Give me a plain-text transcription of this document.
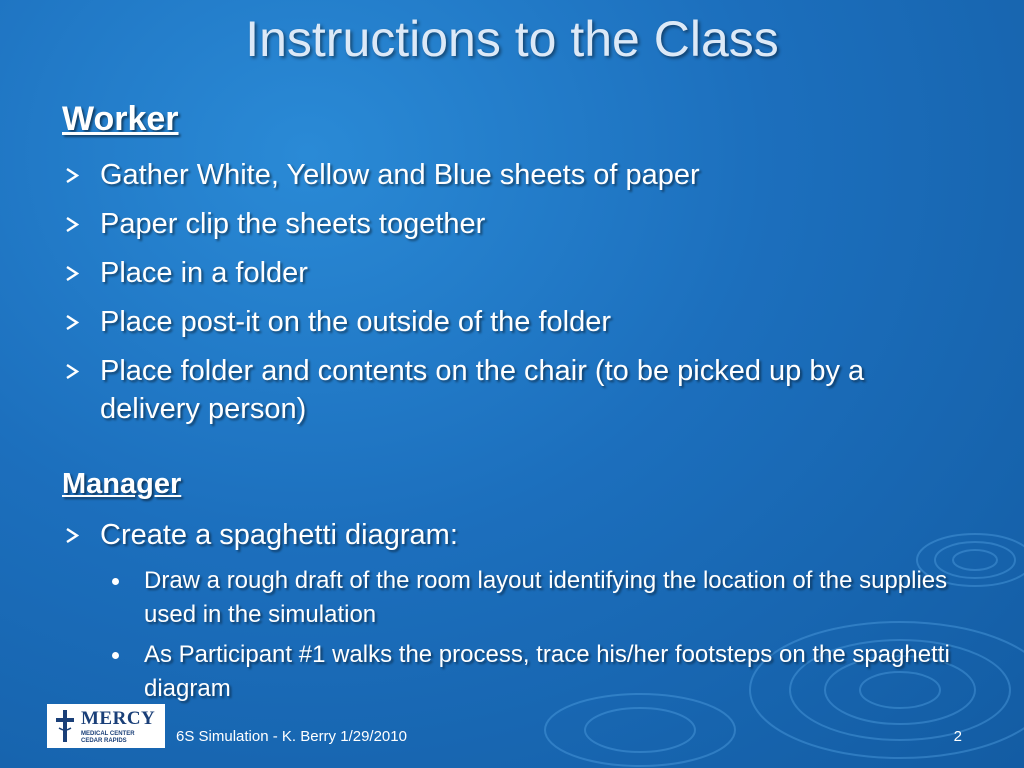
Instructions to the Class
Worker
Gather White, Yellow and Blue sheets of paper
Paper clip the sheets together
Place in a folder
Place post-it on the outside of the folder
Place folder and contents on the chair (to be picked up by a delivery person)
Manager
Create a spaghetti diagram:
Draw a rough draft of the room layout identifying the location of the supplies used in the simulation
As Participant #1 walks the process, trace his/her footsteps on the spaghetti diagram
MERCY
MEDICAL CENTER
CEDAR RAPIDS	6S Simulation - K. Berry 1/29/2010	2
